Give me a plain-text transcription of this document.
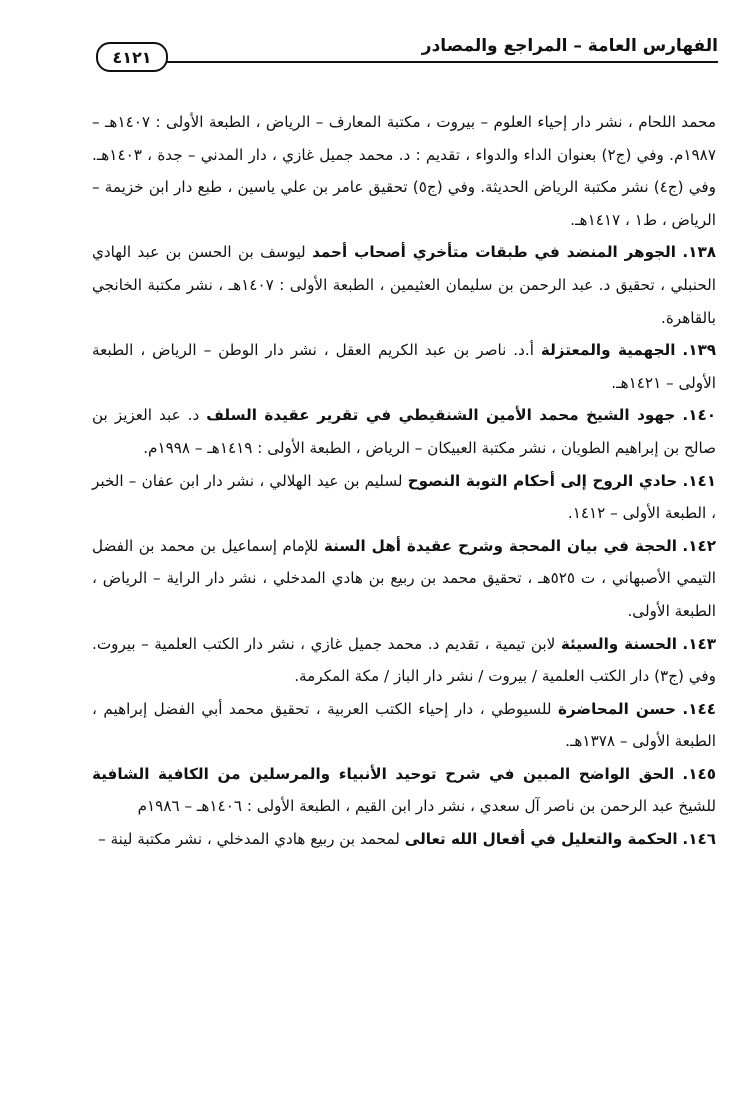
الفهارس العامة – المراجع والمصادر
٤١٢١

محمد اللحام ، نشر دار إحياء العلوم – بيروت ، مكتبة المعارف – الرياض ، الطبعة الأولى : ١٤٠٧هـ – ١٩٨٧م. وفي (ج٢) بعنوان الداء والدواء ، تقديم : د. محمد جميل غازي ، دار المدني – جدة ، ١٤٠٣هـ. وفي (ج٤) نشر مكتبة الرياض الحديثة. وفي (ج٥) تحقيق عامر بن علي ياسين ، طبع دار ابن خزيمة – الرياض ، ط١ ، ١٤١٧هـ.

١٣٨. الجوهر المنضد في طبقات متأخري أصحاب أحمد ليوسف بن الحسن بن عبد الهادي الحنبلي ، تحقيق د. عبد الرحمن بن سليمان العثيمين ، الطبعة الأولى : ١٤٠٧هـ ، نشر مكتبة الخانجي بالقاهرة.

١٣٩. الجهمية والمعتزلة أ.د. ناصر بن عبد الكريم العقل ، نشر دار الوطن – الرياض ، الطبعة الأولى – ١٤٢١هـ.

١٤٠. جهود الشيخ محمد الأمين الشنقيطي في تقرير عقيدة السلف د. عبد العزيز بن صالح بن إبراهيم الطويان ، نشر مكتبة العبيكان – الرياض ، الطبعة الأولى : ١٤١٩هـ – ١٩٩٨م.

١٤١. حادي الروح إلى أحكام التوبة النصوح لسليم بن عيد الهلالي ، نشر دار ابن عفان – الخبر ، الطبعة الأولى – ١٤١٢.

١٤٢. الحجة في بيان المحجة وشرح عقيدة أهل السنة للإمام إسماعيل بن محمد بن الفضل التيمي الأصبهاني ، ت ٥٢٥هـ ، تحقيق محمد بن ربيع بن هادي المدخلي ، نشر دار الراية – الرياض ، الطبعة الأولى.

١٤٣. الحسنة والسيئة لابن تيمية ، تقديم د. محمد جميل غازي ، نشر دار الكتب العلمية – بيروت. وفي (ج٣) دار الكتب العلمية / بيروت / نشر دار الباز / مكة المكرمة.

١٤٤. حسن المحاضرة للسيوطي ، دار إحياء الكتب العربية ، تحقيق محمد أبي الفضل إبراهيم ، الطبعة الأولى – ١٣٧٨هـ.

١٤٥. الحق الواضح المبين في شرح توحيد الأنبياء والمرسلين من الكافية الشافية للشيخ عبد الرحمن بن ناصر آل سعدي ، نشر دار ابن القيم ، الطبعة الأولى : ١٤٠٦هـ – ١٩٨٦م

١٤٦. الحكمة والتعليل في أفعال الله تعالى لمحمد بن ربيع هادي المدخلي ، نشر مكتبة لينة –
